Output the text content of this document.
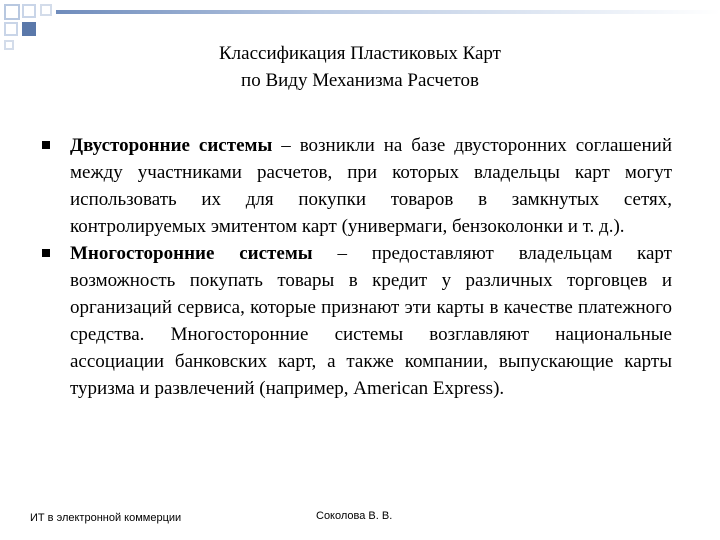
Классификация Пластиковых Карт
по Виду Механизма Расчетов
Двусторонние системы – возникли на базе двусторонних соглашений между участниками расчетов, при которых владельцы карт могут использовать их для покупки товаров в замкнутых сетях, контролируемых эмитентом карт (универмаги, бензоколонки и т. д.).
Многосторонние системы – предоставляют владельцам карт возможность покупать товары в кредит у различных торговцев и организаций сервиса, которые признают эти карты в качестве платежного средства. Многосторонние системы возглавляют национальные ассоциации банковских карт, а также компании, выпускающие карты туризма и развлечений (например, American Express).
ИТ в электронной коммерции	Соколова В. В.
